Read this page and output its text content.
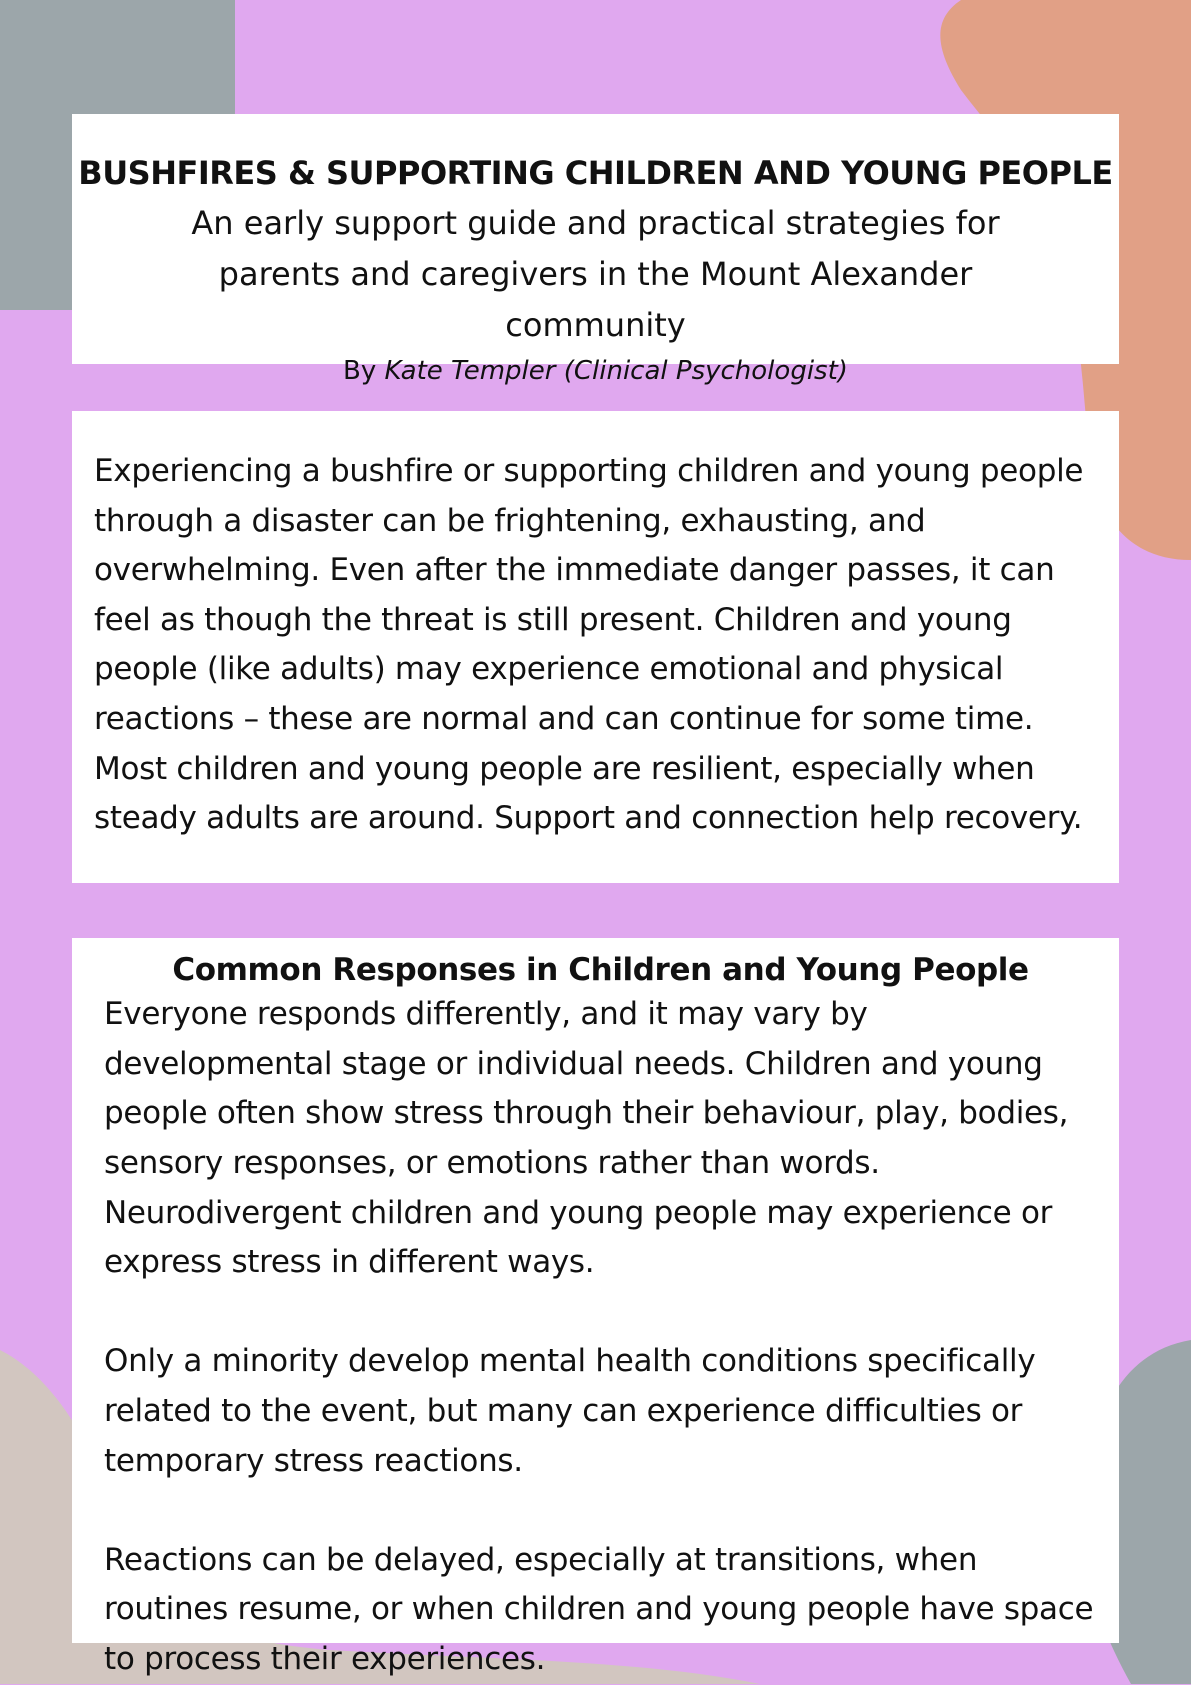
BUSHFIRES & SUPPORTING CHILDREN AND YOUNG PEOPLE

An early support guide and practical strategies for parents and caregivers in the Mount Alexander community

By Kate Templer (Clinical Psychologist)

Experiencing a bushfire or supporting children and young people through a disaster can be frightening, exhausting, and overwhelming. Even after the immediate danger passes, it can feel as though the threat is still present. Children and young people (like adults) may experience emotional and physical reactions – these are normal and can continue for some time. Most children and young people are resilient, especially when steady adults are around. Support and connection help recovery.

Common Responses in Children and Young People

Everyone responds differently, and it may vary by developmental stage or individual needs. Children and young people often show stress through their behaviour, play, bodies, sensory responses, or emotions rather than words. Neurodivergent children and young people may experience or express stress in different ways.

Only a minority develop mental health conditions specifically related to the event, but many can experience difficulties or temporary stress reactions.

Reactions can be delayed, especially at transitions, when routines resume, or when children and young people have space to process their experiences.
